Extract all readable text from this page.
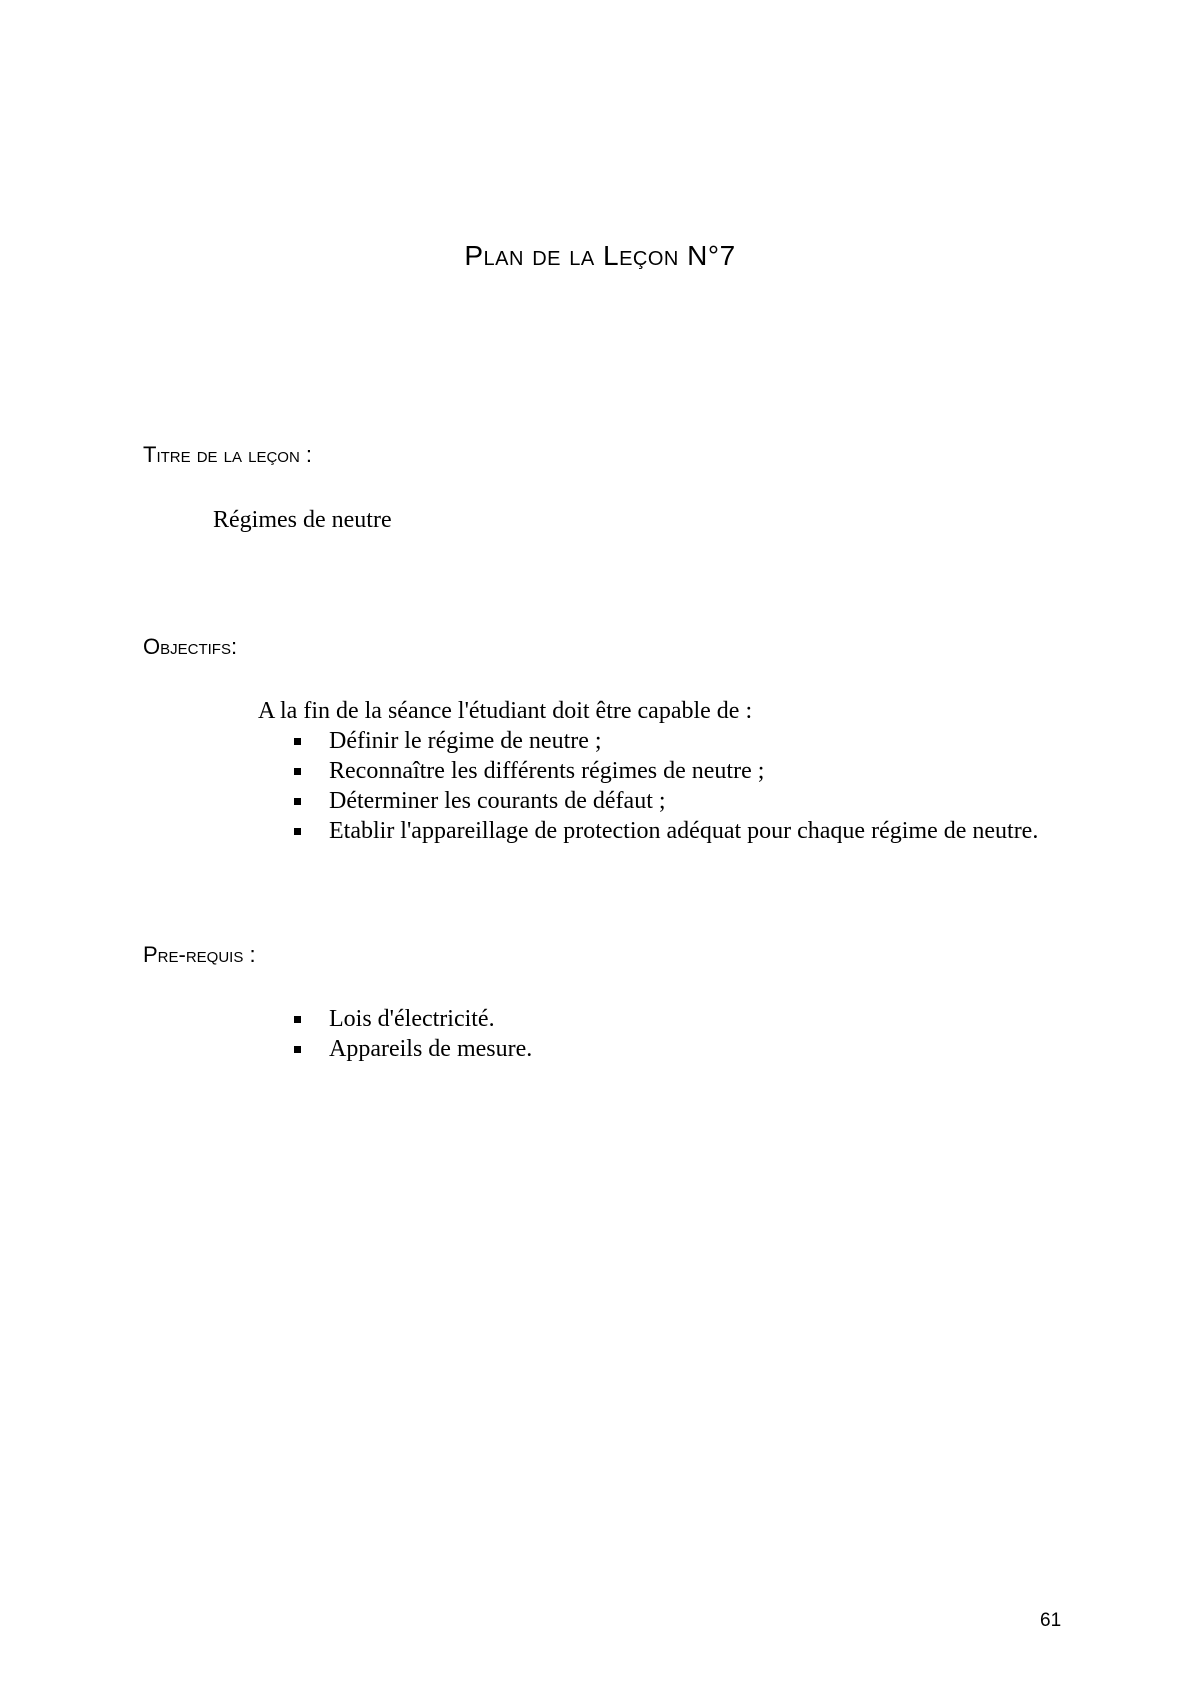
Plan de la Leçon N°7
Titre de la leçon :
Régimes de neutre
Objectifs:
A la fin de la séance l'étudiant doit être capable de :
Définir le régime de neutre ;
Reconnaître les différents régimes de neutre ;
Déterminer les courants de défaut ;
Etablir l'appareillage de protection adéquat pour chaque régime de neutre.
Pre-requis :
Lois d'électricité.
Appareils de mesure.
61
